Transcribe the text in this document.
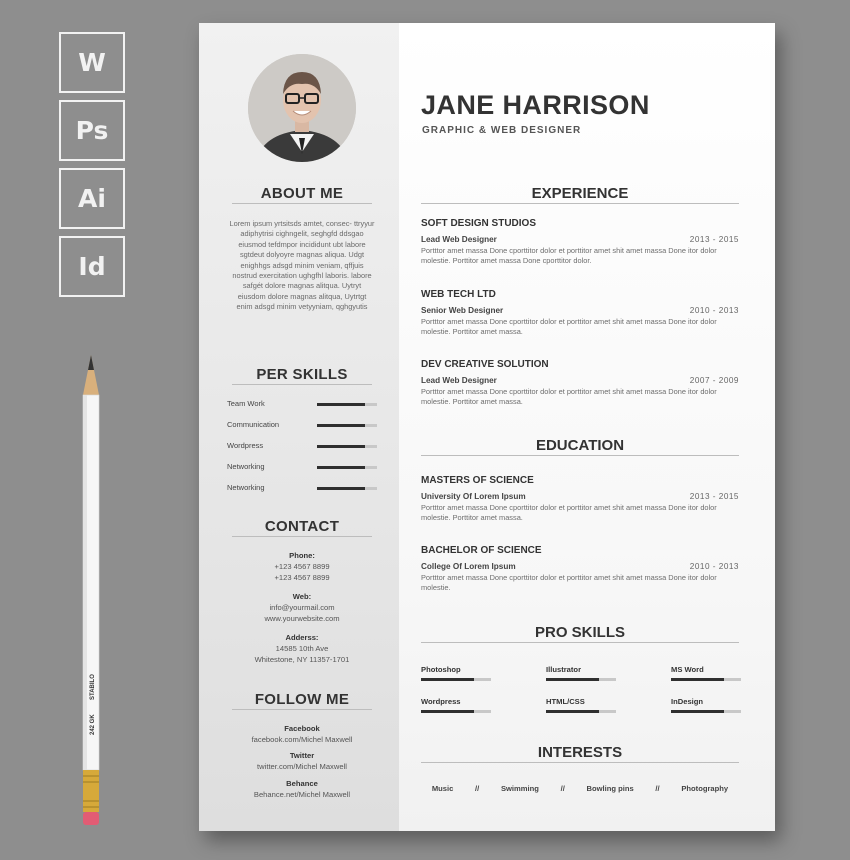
W
Ps
Ai
Id
STABILO
242 GK
ABOUT ME
Lorem ipsum yrtsitsds amtet, consec- ttryyur adiphytrisi cighngelit, seghgfd ddsgao eiusmod tefdmpor incididunt ubt labore sgtdeut dolyoyre magnas aliqua. Udgt enighhgs adsgd minim veniam, qffjuis nostrud exercitation ughgfhl laboris. labore safgét dolore magnas alitqua. Uytryt eiusdom dolore magnas alitqua, Uytrtgt enim adsgd minim vetyyniam, qghgyutis
PER SKILLS
Team Work
Communication
Wordpress
Networking
Networking
CONTACT
Phone:
+123 4567 8899
+123 4567 8899
Web:
info@yourmail.com
www.yourwebsite.com
Adderss:
14585 10th Ave
Whitestone, NY 11357-1701
FOLLOW ME
Facebook
facebook.com/Michel Maxwell
Twitter
twitter.com/Michel Maxwell
Behance
Behance.net/Michel Maxwell
JANE HARRISON
GRAPHIC & WEB DESIGNER
EXPERIENCE
SOFT DESIGN STUDIOS
Lead Web Designer	2013 - 2015
Portttor amet massa Done cporttitor dolor et porttitor amet shit amet massa Done itor dolor molestie. Porttitor amet massa Done cporttitor dolor.
WEB TECH LTD
Senior Web Designer	2010 - 2013
Portttor amet massa Done cporttitor dolor et porttitor amet shit amet massa Done itor dolor molestie. Porttitor amet massa.
DEV CREATIVE SOLUTION
Lead Web Designer	2007 - 2009
Portttor amet massa Done cporttitor dolor et porttitor amet shit amet massa Done itor dolor molestie. Porttitor amet massa.
EDUCATION
MASTERS OF SCIENCE
University Of Lorem Ipsum	2013 - 2015
Portttor amet massa Done cporttitor dolor et porttitor amet shit amet massa Done itor dolor molestie. Porttitor amet massa.
BACHELOR OF SCIENCE
College Of Lorem Ipsum	2010 - 2013
Portttor amet massa Done cporttitor dolor et porttitor amet shit amet massa Done itor dolor molestie.
PRO SKILLS
Photoshop	Illustrator	MS Word
Wordpress	HTML/CSS	InDesign
INTERESTS
Music	//	Swimming	//	Bowling pins	//	Photography
